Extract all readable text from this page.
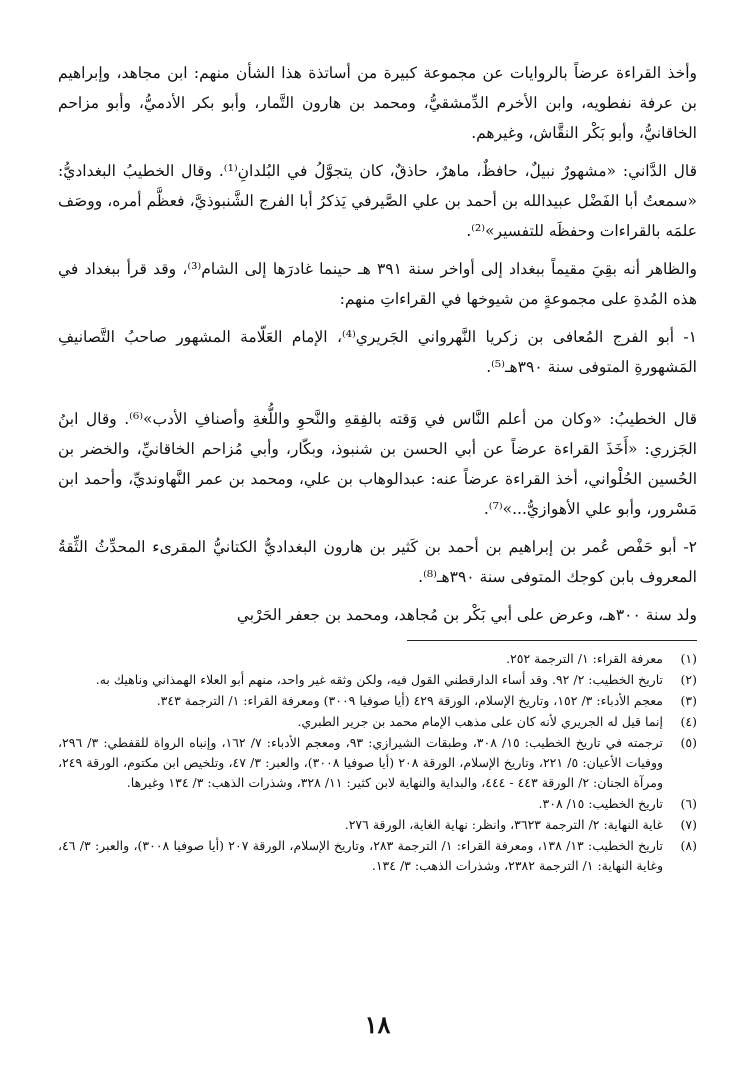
وأخذ القراءة عرضاً بالروايات عن مجموعة كبيرة من أساتذة هذا الشأن منهم: ابن مجاهد، وإبراهيم بن عرفة نفطويه، وابن الأخرم الدِّمشقيُّ، ومحمد بن هارون التَّمار، وأبو بكر الأدميُّ، وأبو مزاحم الخاقانيُّ، وأبو بَكْر النقَّاش، وغيرهم.

قال الدَّاني: «مشهورٌ نبيلٌ، حافظٌ، ماهرٌ، حاذقٌ، كان يتجوَّلُ في البُلدانِ⁽¹⁾. وقال الخطيبُ البغداديُّ: «سمعتُ أبا الفَضْل عبيدالله بن أحمد بن علي الصَّيرفي يَذكرُ أبا الفرج الشَّنبوذيَّ، فعظَّم أمره، ووصَف علمَه بالقراءات وحفظَه للتفسير»⁽²⁾.

والظاهر أنه بقِيَ مقيماً ببغداد إلى أواخر سنة ٣٩١ هـ حينما غادرَها إلى الشام⁽³⁾، وقد قرأ ببغداد في هذه المُدةِ على مجموعةٍ من شيوخها في القراءاتِ منهم:

١- أبو الفرج المُعافى بن زكريا النَّهرواني الجَريري⁽⁴⁾، الإمام العَلّامة المشهور صاحبُ التَّصانيفِ المَشهورةِ المتوفى سنة ٣٩٠هـ⁽⁵⁾.

قال الخطيبُ: «وكان من أعلم النَّاس في وَقته بالفِقهِ والنَّحوِ واللُّغةِ وأصنافِ الأدب»⁽⁶⁾. وقال ابنُ الجَزري: «أَخَذَ القراءة عرضاً عن أبي الحسن بن شنبوذ، وبكّار، وأبي مُزاحم الخاقانيِّ، والخضر بن الحُسين الحُلْواني، أخذ القراءة عرضاً عنه: عبدالوهاب بن علي، ومحمد بن عمر النَّهاونديِّ، وأحمد ابن مَسْرور، وأبو علي الأهوازيُّ...»⁽⁷⁾.

٢- أبو حَفْص عُمر بن إبراهيم بن أحمد بن كَثير بن هارون البغداديُّ الكتانيُّ المقرىء المحدِّثُ الثِّقةُ المعروف بابن كوجك المتوفى سنة ٣٩٠هـ⁽⁸⁾.

ولد سنة ٣٠٠هـ، وعرض على أبي بَكْر بن مُجاهد، ومحمد بن جعفر الحَرْبي

(١)
معرفة القراء: ١/ الترجمة ٢٥٢.
(٢)
تاريخ الخطيب: ٢/ ٩٢. وقد أساء الدارقطني القول فيه، ولكن وثقه غير واحد، منهم أبو العلاء الهمذاني وناهيك به.
(٣)
معجم الأدباء: ٣/ ١٥٢، وتاريخ الإسلام، الورقة ٤٢٩ (أيا صوفيا ٣٠٠٩) ومعرفة القراء: ١/ الترجمة ٣٤٣.
(٤)
إنما قيل له الجريري لأنه كان على مذهب الإمام محمد بن جرير الطبري.
(٥)
ترجمته في تاريخ الخطيب: ١٥/ ٣٠٨، وطبقات الشيرازي: ٩٣، ومعجم الأدباء: ٧/ ١٦٢، وإنباه الرواة للقفطي: ٣/ ٢٩٦، ووفيات الأعيان: ٥/ ٢٢١، وتاريخ الإسلام، الورقة ٢٠٨ (أيا صوفيا ٣٠٠٨)، والعبر: ٣/ ٤٧، وتلخيص ابن مكتوم، الورقة ٢٤٩، ومرآة الجنان: ٢/ الورقة ٤٤٣ - ٤٤٤، والبداية والنهاية لابن كثير: ١١/ ٣٢٨، وشذرات الذهب: ٣/ ١٣٤ وغيرها.
(٦)
تاريخ الخطيب: ١٥/ ٣٠٨.
(٧)
غاية النهاية: ٢/ الترجمة ٣٦٢٣، وانظر: نهاية الغاية، الورقة ٢٧٦.
(٨)
تاريخ الخطيب: ١٣/ ١٣٨، ومعرفة القراء: ١/ الترجمة ٢٨٣، وتاريخ الإسلام، الورقة ٢٠٧ (أيا صوفيا ٣٠٠٨)، والعبر: ٣/ ٤٦، وغاية النهاية: ١/ الترجمة ٢٣٨٢، وشذرات الذهب: ٣/ ١٣٤.
١٨
